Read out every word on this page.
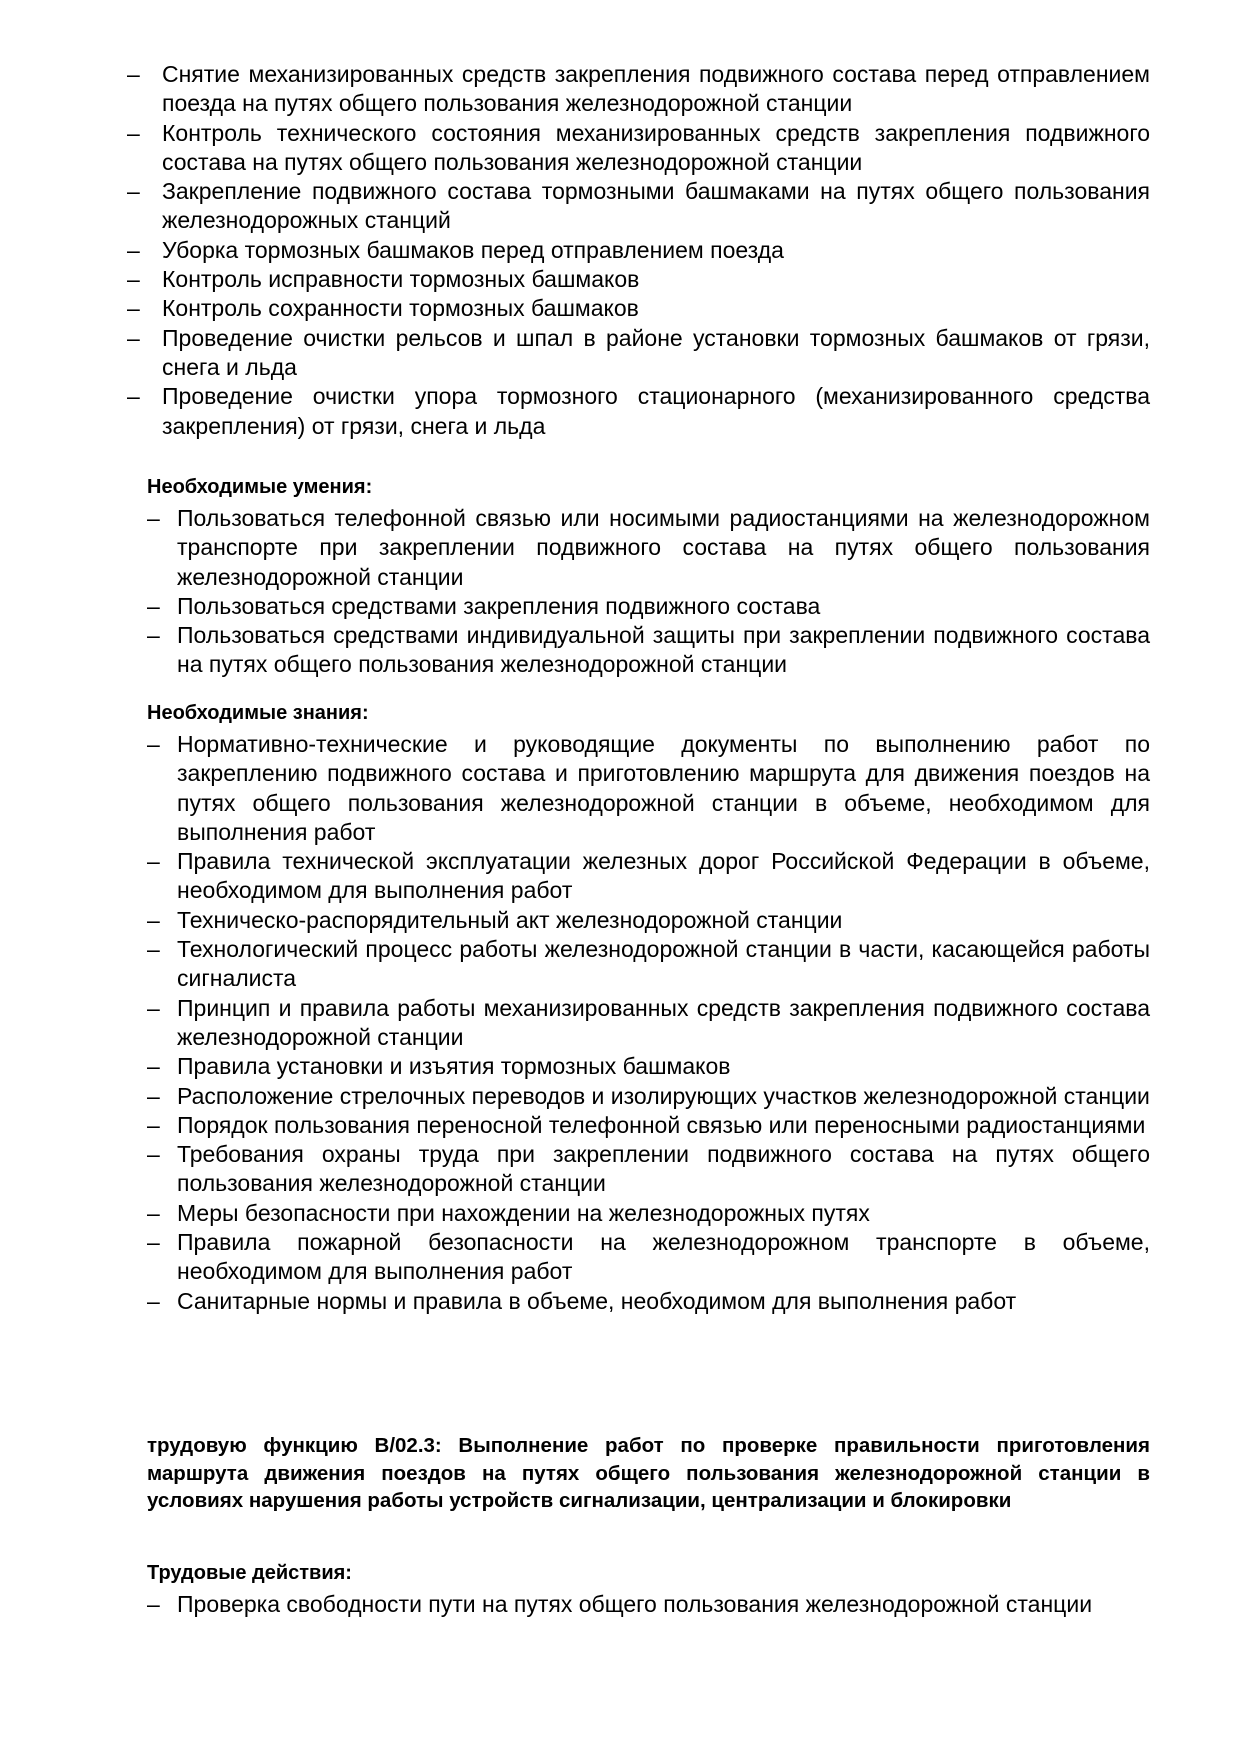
– Снятие механизированных средств закрепления подвижного состава перед отправлением поезда на путях общего пользования железнодорожной станции
– Контроль технического состояния механизированных средств закрепления подвижного состава на путях общего пользования железнодорожной станции
– Закрепление подвижного состава тормозными башмаками на путях общего пользования железнодорожных станций
– Уборка тормозных башмаков перед отправлением поезда
– Контроль исправности тормозных башмаков
– Контроль сохранности тормозных башмаков
– Проведение очистки рельсов и шпал в районе установки тормозных башмаков от грязи, снега и льда
– Проведение очистки упора тормозного стационарного (механизированного средства закрепления) от грязи, снега и льда
Необходимые умения:
– Пользоваться телефонной связью или носимыми радиостанциями на железнодорожном транспорте при закреплении подвижного состава на путях общего пользования железнодорожной станции
– Пользоваться средствами закрепления подвижного состава
– Пользоваться средствами индивидуальной защиты при закреплении подвижного состава на путях общего пользования железнодорожной станции
Необходимые знания:
– Нормативно-технические и руководящие документы по выполнению работ по закреплению подвижного состава и приготовлению маршрута для движения поездов на путях общего пользования железнодорожной станции в объеме, необходимом для выполнения работ
– Правила технической эксплуатации железных дорог Российской Федерации в объеме, необходимом для выполнения работ
– Техническо-распорядительный акт железнодорожной станции
– Технологический процесс работы железнодорожной станции в части, касающейся работы сигналиста
– Принцип и правила работы механизированных средств закрепления подвижного состава железнодорожной станции
– Правила установки и изъятия тормозных башмаков
– Расположение стрелочных переводов и изолирующих участков железнодорожной станции
– Порядок пользования переносной телефонной связью или переносными радиостанциями
– Требования охраны труда при закреплении подвижного состава на путях общего пользования железнодорожной станции
– Меры безопасности при нахождении на железнодорожных путях
– Правила пожарной безопасности на железнодорожном транспорте в объеме, необходимом для выполнения работ
– Санитарные нормы и правила в объеме, необходимом для выполнения работ

трудовую функцию B/02.3: Выполнение работ по проверке правильности приготовления маршрута движения поездов на путях общего пользования железнодорожной станции в условиях нарушения работы устройств сигнализации, централизации и блокировки

Трудовые действия:
– Проверка свободности пути на путях общего пользования железнодорожной станции
